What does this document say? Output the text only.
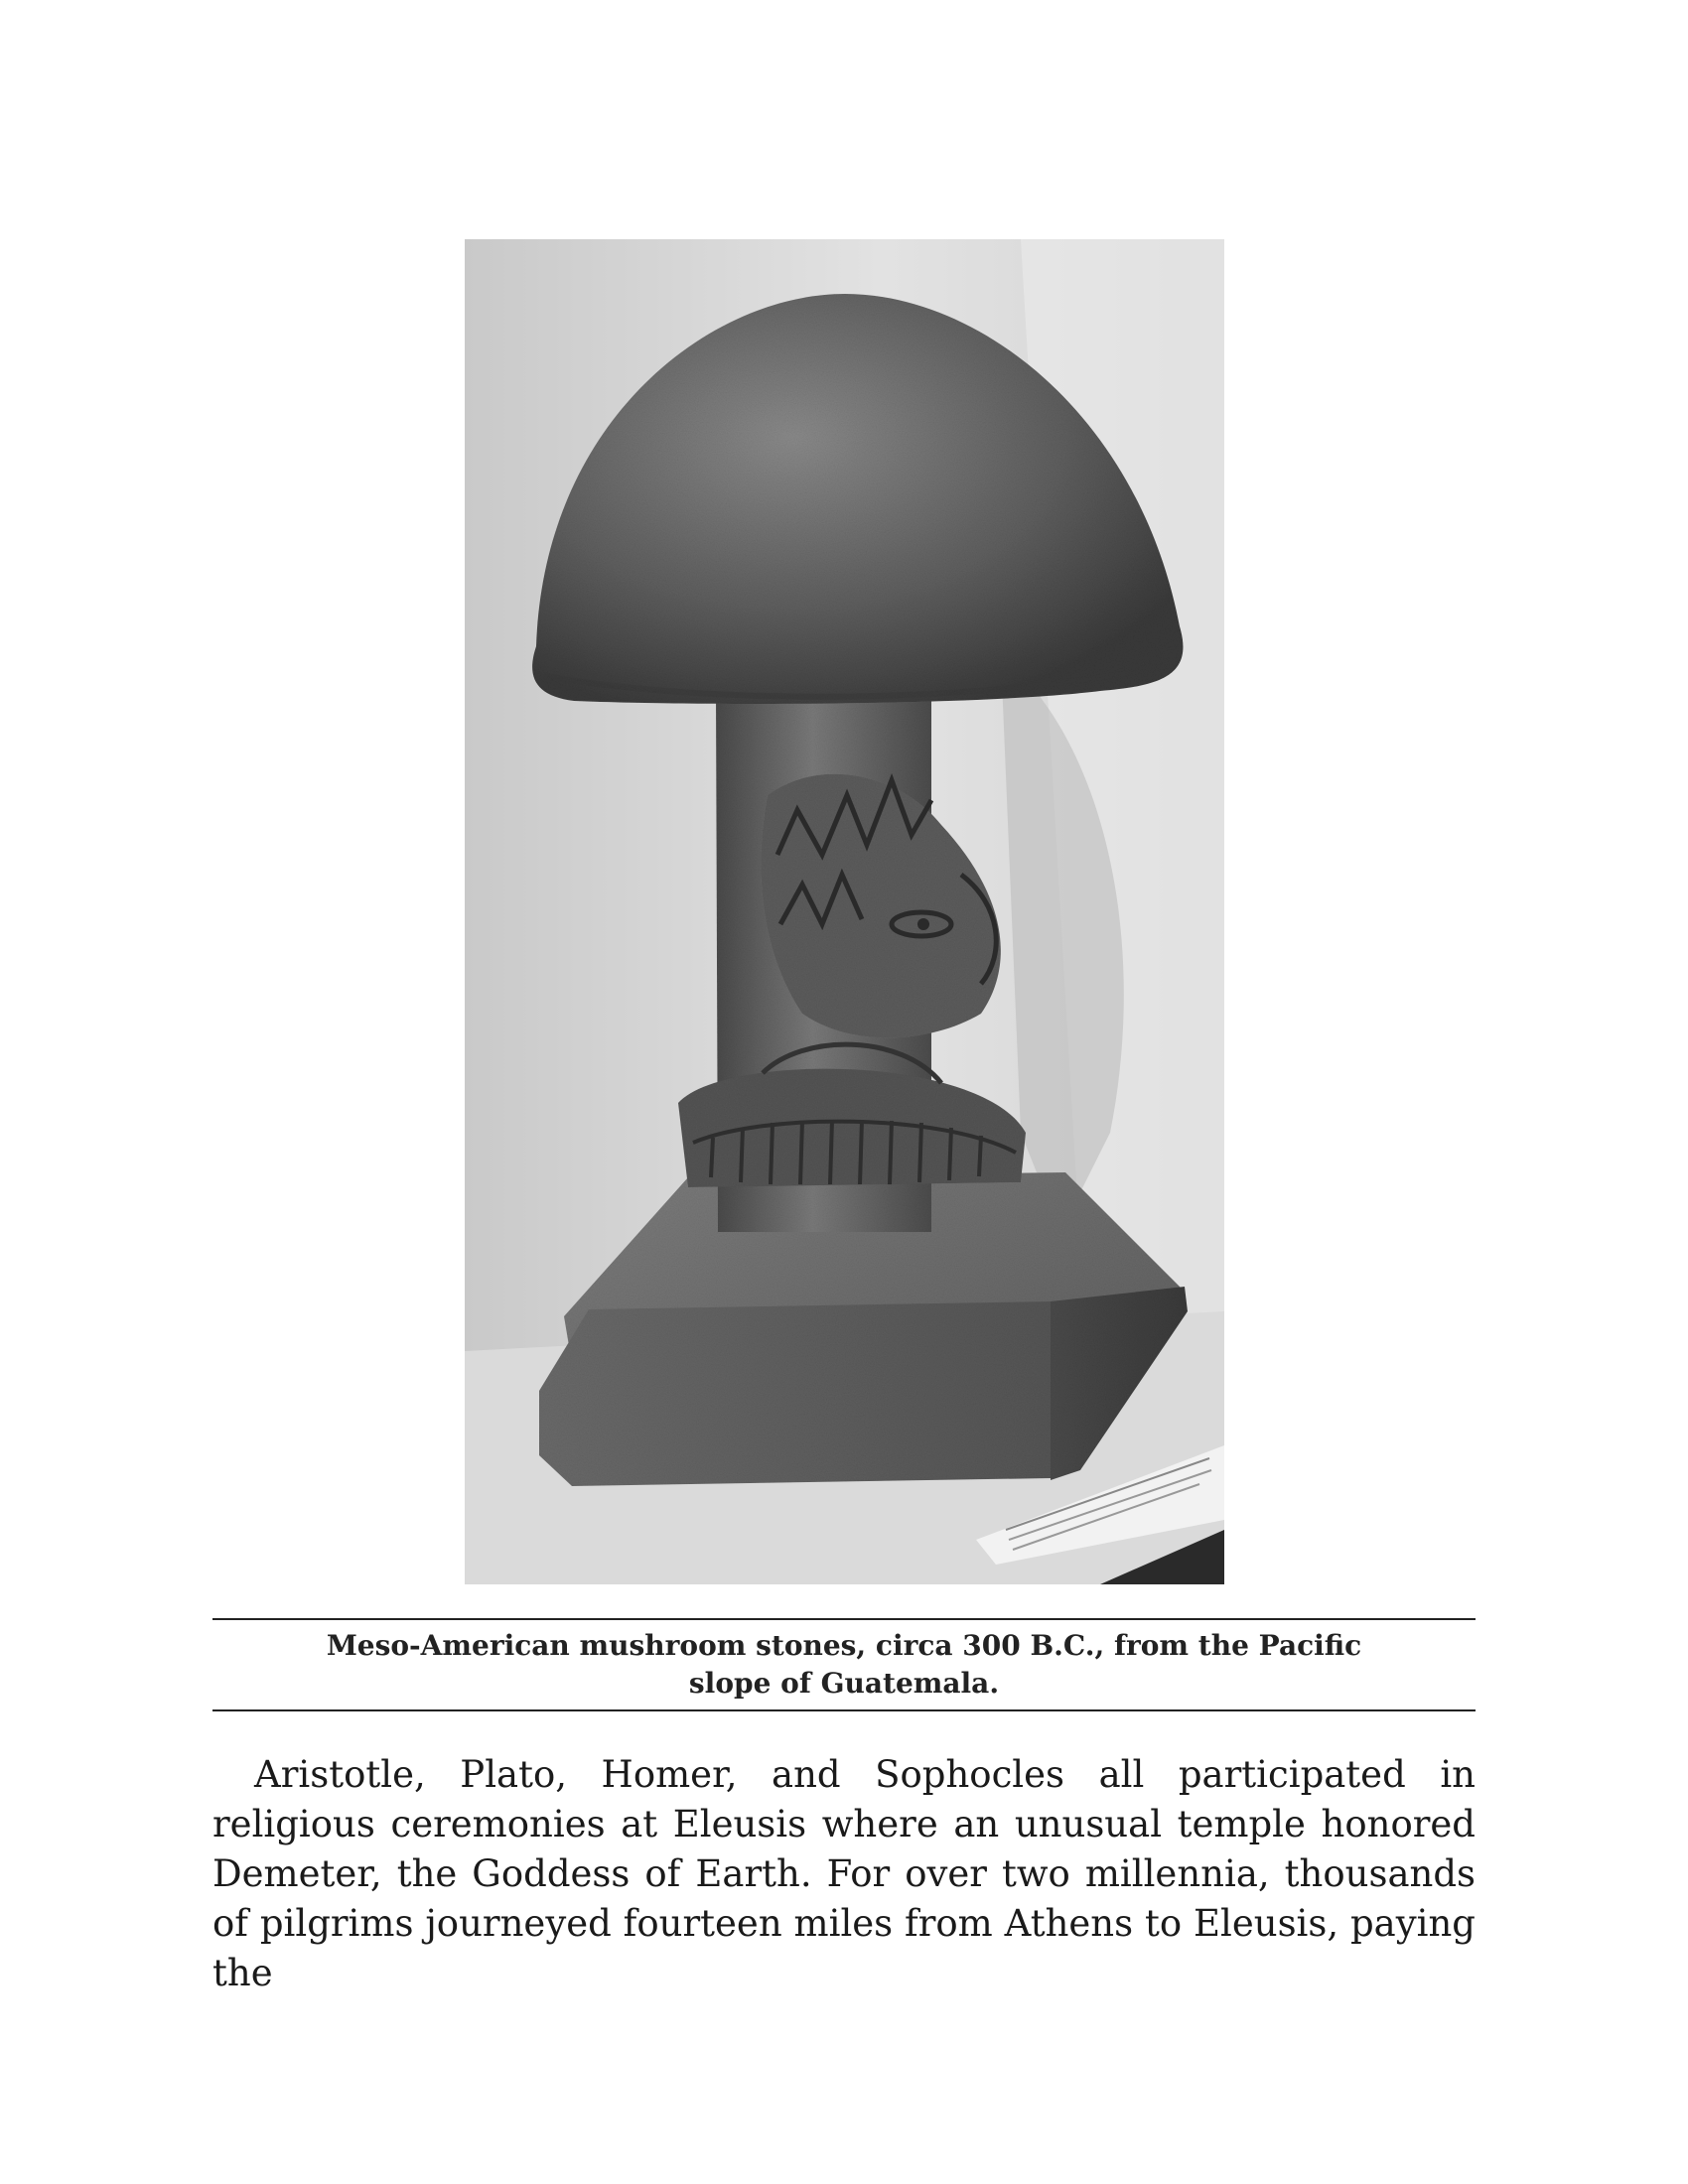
Meso-American mushroom stones, circa 300 B.C., from the Pacific slope of Guatemala.

Aristotle, Plato, Homer, and Sophocles all participated in religious ceremonies at Eleusis where an unusual temple honored Demeter, the Goddess of Earth. For over two millennia, thousands of pilgrims journeyed fourteen miles from Athens to Eleusis, paying the
